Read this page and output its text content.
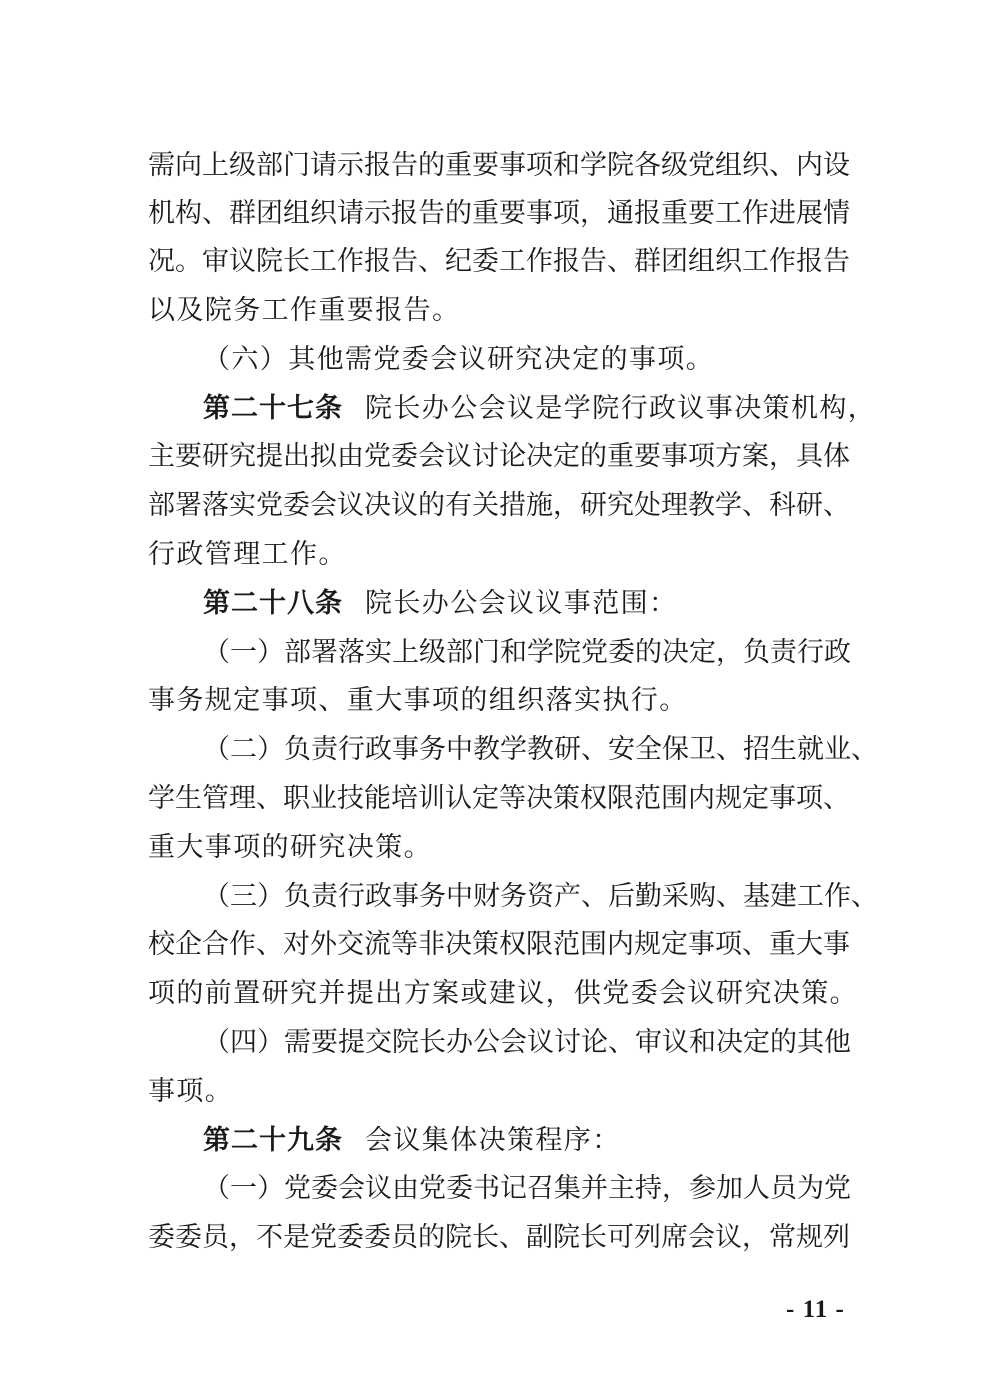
需向上级部门请示报告的重要事项和学院各级党组织、内设
机构、群团组织请示报告的重要事项，通报重要工作进展情
况。审议院长工作报告、纪委工作报告、群团组织工作报告
以及院务工作重要报告。
（六）其他需党委会议研究决定的事项。
第二十七条 院长办公会议是学院行政议事决策机构，
主要研究提出拟由党委会议讨论决定的重要事项方案，具体
部署落实党委会议决议的有关措施，研究处理教学、科研、
行政管理工作。
第二十八条 院长办公会议议事范围：
（一）部署落实上级部门和学院党委的决定，负责行政
事务规定事项、重大事项的组织落实执行。
（二）负责行政事务中教学教研、安全保卫、招生就业、
学生管理、职业技能培训认定等决策权限范围内规定事项、
重大事项的研究决策。
（三）负责行政事务中财务资产、后勤采购、基建工作、
校企合作、对外交流等非决策权限范围内规定事项、重大事
项的前置研究并提出方案或建议，供党委会议研究决策。
（四）需要提交院长办公会议讨论、审议和决定的其他
事项。
第二十九条 会议集体决策程序：
（一）党委会议由党委书记召集并主持，参加人员为党
委委员，不是党委委员的院长、副院长可列席会议，常规列
- 11 -
